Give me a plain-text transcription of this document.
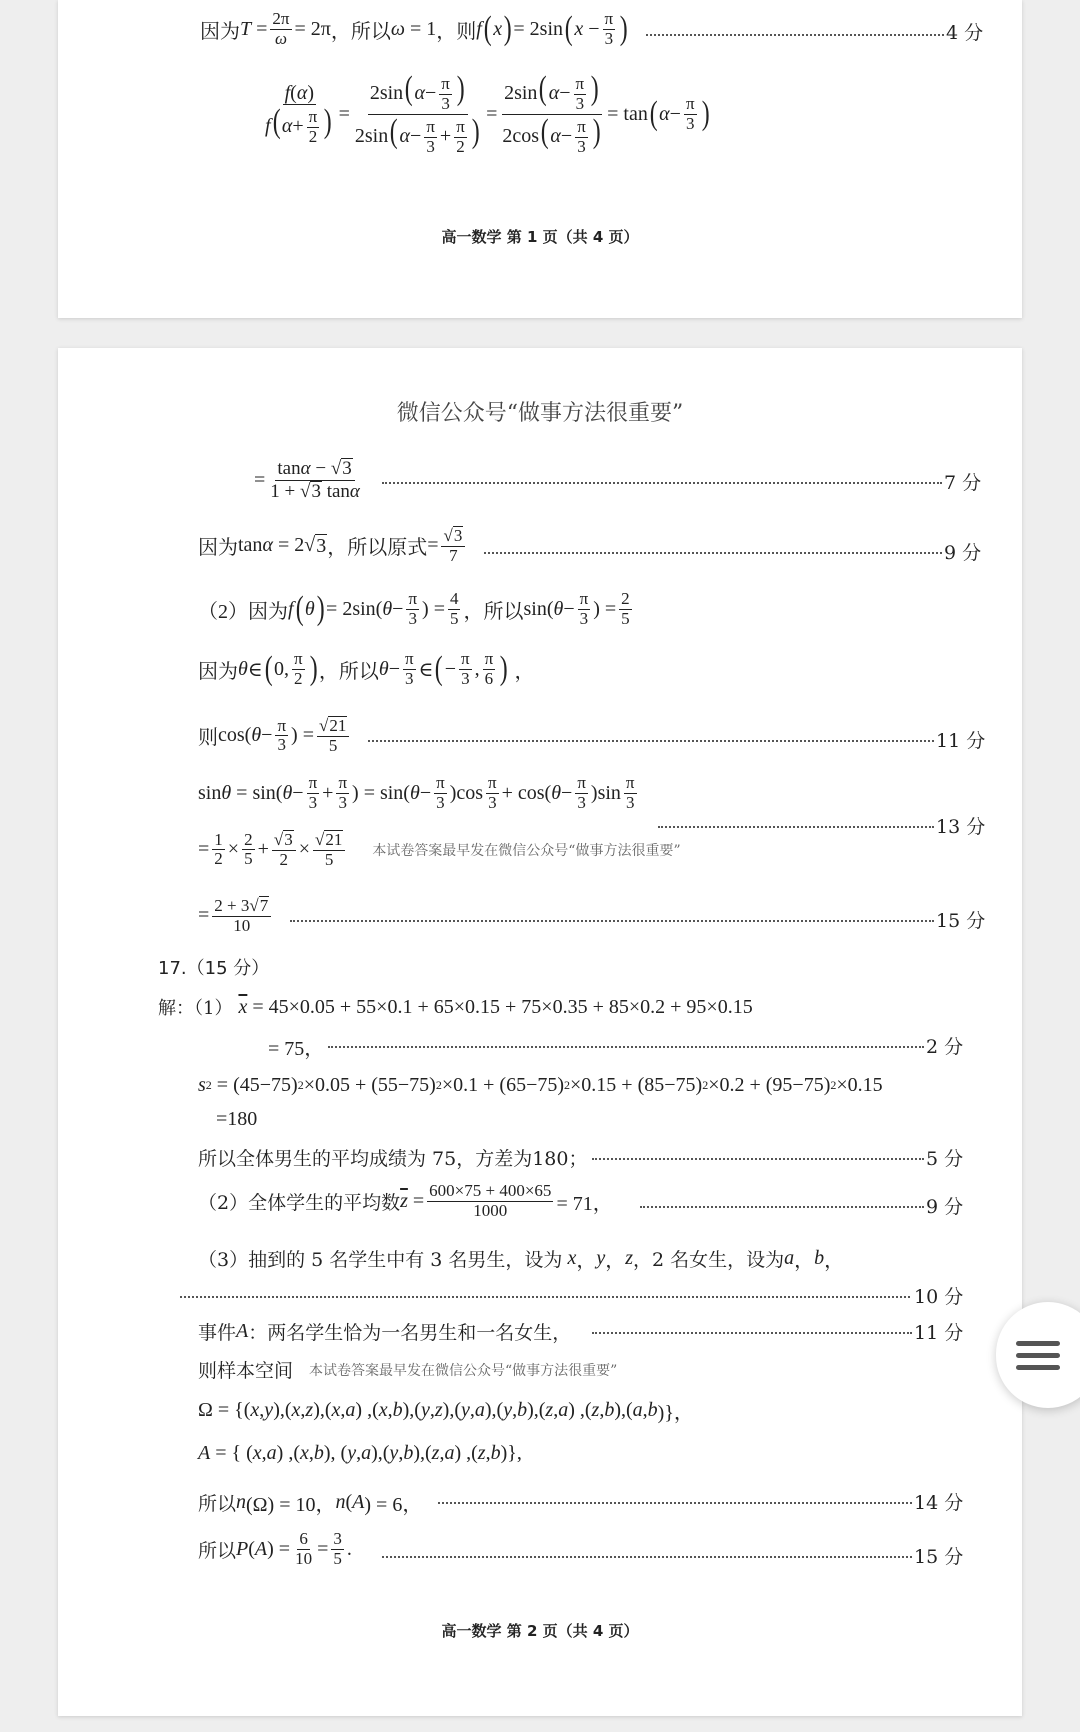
因为 $T = \frac{2\pi}{\omega} = 2\pi$ ，所以 ω = 1 ，则 f ( x ) = 2sin ( $x - \frac{\pi}{3}$ )	4 分
$\frac{f(\alpha)}{f(\alpha+ \frac{\pi}{2} )} = \frac{2\sin(\alpha- \frac{\pi}{3} )}{2\sin(\alpha- \frac{\pi}{3} + \frac{\pi}{2} )} = \frac{2\sin(\alpha- \frac{\pi}{3} )}{2\cos(\alpha- \frac{\pi}{3} )} = \tan$ ( $\alpha - \frac{\pi}{3}$ )
高一数学 第 1 页（共 4 页）
微信公众号“做事方法很重要”
= $\frac{\tan\alpha - √ 3}{1 + √ 3 \tan\alpha}$	7 分
因为 tan α = 2√ 3 ，所以原式 = $\frac{√ 3}{7}$	9 分
（2）因为 f ( θ ) = 2sin( $\theta - \frac{\pi}{3}$ ) = $\frac{4}{5}$ ，所以 sin( $\theta - \frac{\pi}{3}$ ) = $\frac{2}{5}$
因为 θ ∈ ( 0, $\frac{\pi}{2}$ ) ，所以 $\theta - \frac{\pi}{3}$ ∈ ( − $\frac{\pi}{3}$ , $\frac{\pi}{6}$ ) ，
则 cos( $\theta - \frac{\pi}{3}$ ) = $\frac{√ 21}{5}$	11 分
sin θ = sin( $\theta - \frac{\pi}{3} + \frac{\pi}{3}$ ) = sin( $\theta - \frac{\pi}{3} )\cos \frac{\pi}{3} + \cos$( $\theta - \frac{\pi}{3} )\sin \frac{\pi}{3}$
13 分
= $\frac{1}{2} \times \frac{2}{5} + \frac{√ 3}{2} \times \frac{√ 21}{5}$ 本试卷答案最早发在微信公众号“做事方法很重要”
= $\frac{2 + 3√ 7}{10}$	15 分
17.（15 分）
解：（1） $\overline{x} = 45\times 0.05 + 55\times 0.1 + 65\times 0.15 + 75\times 0.35 + 85\times 0.2 + 95\times 0.15$
= 75，	2 分
s 2 = (45−75) 2 ×0.05 + (55−75) 2 ×0.1 + (65−75) 2 ×0.15 + (85−75) 2 ×0.2 + (95−75) 2 ×0.15
=180
所以全体男生的平均成绩为 75，方差为180；	5 分
（2）全体学生的平均数 $\overline{z} = \frac{600\times 75 + 400\times 65}{1000} = 71$，	9 分
（3）抽到的 5 名学生中有 3 名男生，设为 x ， y ， z ，2 名女生，设为 a ， b ，
10 分
事件 A ：两名学生恰为一名男生和一名女生，	11 分
则样本空间 本试卷答案最早发在微信公众号“做事方法很重要”
Ω = {( x , y ),( x , z ),( x , a ) ,( x , b ),( y , z ),( y , a ),( y , b ),( z , a ) ,( z , b ),( a , b )}，
A = { ( x , a ) ,( x , b ), ( y , a ),( y , b ),( z , a ) ,( z , b )},
所以 n (Ω) = 10， n ( A ) = 6，	14 分
所以 P ( A ) = $\frac{6}{10} = \frac{3}{5}$ .	15 分
高一数学 第 2 页（共 4 页）
